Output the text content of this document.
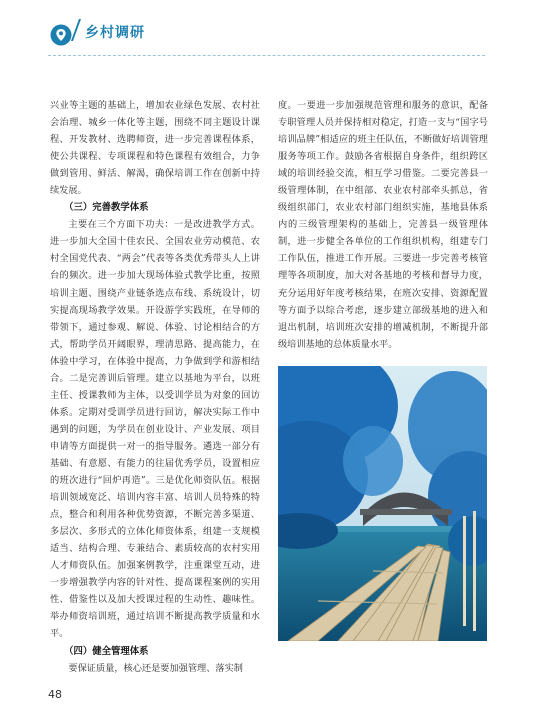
乡村调研

兴业等主题的基础上，增加农业绿色发展、农村社会治理、城乡一体化等主题，围绕不同主题设计课程、开发教材、选聘师资，进一步完善课程体系，使公共课程、专项课程和特色课程有效组合，力争做到管用、鲜活、解渴，确保培训工作在创新中持续发展。

（三）完善教学体系

主要在三个方面下功夫：一是改进教学方式。进一步加大全国十佳农民、全国农业劳动模范、农村全国党代表、“两会”代表等各类优秀带头人上讲台的频次。进一步加大现场体验式教学比重，按照培训主题、围绕产业链条选点布线、系统设计，切实提高现场教学效果。开设游学实践班，在导师的带领下，通过参观、解说、体验、讨论相结合的方式，帮助学员开阔眼界，理清思路、提高能力，在体验中学习，在体验中提高，力争做到学和游相结合。二是完善训后管理。建立以基地为平台，以班主任、授课教师为主体，以受训学员为对象的回访体系。定期对受训学员进行回访，解决实际工作中遇到的问题，为学员在创业设计、产业发展、项目申请等方面提供一对一的指导服务。遴选一部分有基础、有意愿、有能力的往届优秀学员，设置相应的班次进行“回炉再造”。三是优化师资队伍。根据培训领域宽泛、培训内容丰富、培训人员特殊的特点，整合和利用各种优势资源，不断完善多渠道、多层次、多形式的立体化师资体系，组建一支规模适当、结构合理、专兼结合、素质较高的农村实用人才师资队伍。加强案例教学，注重课堂互动，进一步增强教学内容的针对性、提高课程案例的实用性、借鉴性以及加大授课过程的生动性、趣味性。举办师资培训班，通过培训不断提高教学质量和水平。

（四）健全管理体系

要保证质量，核心还是要加强管理、落实制

度。一要进一步加强规范管理和服务的意识，配备专职管理人员并保持相对稳定，打造一支与“国字号培训品牌”相适应的班主任队伍，不断做好培训管理服务等项工作。鼓励各省根据自身条件，组织跨区域的培训经验交流，相互学习借鉴。二要完善县一级管理体制，在中组部、农业农村部牵头抓总，省级组织部门，农业农村部门组织实施，基地县体系内的三级管理架构的基础上，完善县一级管理体制，进一步健全各单位的工作组织机构，组建专门工作队伍，推进工作开展。三要进一步完善考核管理等各项制度，加大对各基地的考核和督导力度，充分运用好年度考核结果，在班次安排、资源配置等方面予以综合考虑，逐步建立部级基地的进入和退出机制，培训班次安排的增减机制，不断提升部级培训基地的总体质量水平。

48
